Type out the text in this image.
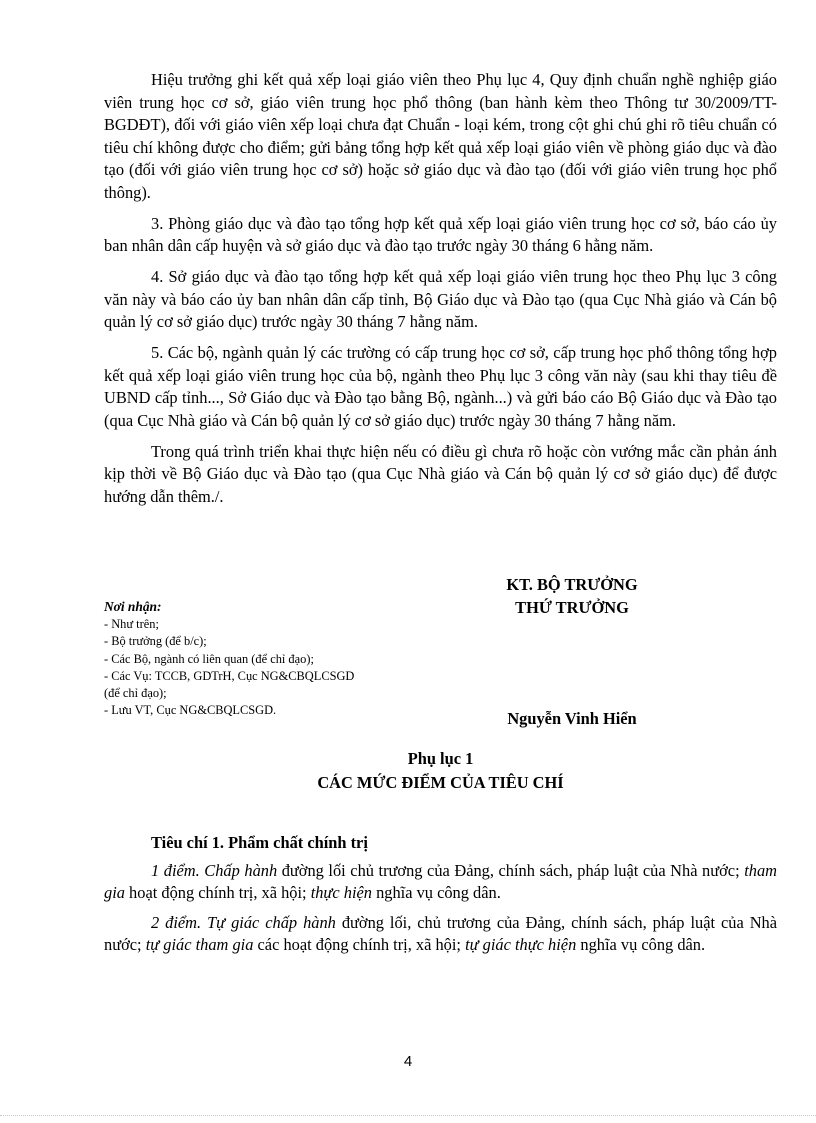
Hiệu trưởng ghi kết quả xếp loại giáo viên theo Phụ lục 4, Quy định chuẩn nghề nghiệp giáo viên trung học cơ sở, giáo viên trung học phổ thông (ban hành kèm theo Thông tư 30/2009/TT-BGDĐT), đối với giáo viên xếp loại chưa đạt Chuẩn - loại kém, trong cột ghi chú ghi rõ tiêu chuẩn có tiêu chí không được cho điểm; gửi bảng tổng hợp kết quả xếp loại giáo viên về phòng giáo dục và đào tạo (đối với giáo viên trung học cơ sở) hoặc sở giáo dục và đào tạo (đối với giáo viên trung học phổ thông).

3. Phòng giáo dục và đào tạo tổng hợp kết quả xếp loại giáo viên trung học cơ sở, báo cáo ủy ban nhân dân cấp huyện và sở giáo dục và đào tạo trước ngày 30 tháng 6 hằng năm.

4. Sở giáo dục và đào tạo tổng hợp kết quả xếp loại giáo viên trung học theo Phụ lục 3 công văn này và báo cáo ủy ban nhân dân cấp tỉnh, Bộ Giáo dục và Đào tạo (qua Cục Nhà giáo và Cán bộ quản lý cơ sở giáo dục) trước ngày 30 tháng 7 hằng năm.

5. Các bộ, ngành quản lý các trường có cấp trung học cơ sở, cấp trung học phổ thông tổng hợp kết quả xếp loại giáo viên trung học của bộ, ngành theo Phụ lục 3 công văn này (sau khi thay tiêu đề UBND cấp tỉnh..., Sở Giáo dục và Đào tạo bằng Bộ, ngành...) và gửi báo cáo Bộ Giáo dục và Đào tạo (qua Cục Nhà giáo và Cán bộ quản lý cơ sở giáo dục) trước ngày 30 tháng 7 hằng năm.

Trong quá trình triển khai thực hiện nếu có điều gì chưa rõ hoặc còn vướng mắc cần phản ánh kịp thời về Bộ Giáo dục và Đào tạo (qua Cục Nhà giáo và Cán bộ quản lý cơ sở giáo dục) để được hướng dẫn thêm./.

Nơi nhận:
- Như trên;
- Bộ trưởng (để b/c);
- Các Bộ, ngành có liên quan (để chỉ đạo);
- Các Vụ: TCCB, GDTrH, Cục NG&CBQLCSGD
(để chỉ đạo);
- Lưu VT, Cục NG&CBQLCSGD.
KT. BỘ TRƯỞNG
THỨ TRƯỞNG
Nguyễn Vinh Hiển
Phụ lục 1
CÁC MỨC ĐIỂM CỦA TIÊU CHÍ

Tiêu chí 1. Phẩm chất chính trị

1 điểm. Chấp hành đường lối chủ trương của Đảng, chính sách, pháp luật của Nhà nước; tham gia hoạt động chính trị, xã hội; thực hiện nghĩa vụ công dân.

2 điểm. Tự giác chấp hành đường lối, chủ trương của Đảng, chính sách, pháp luật của Nhà nước; tự giác tham gia các hoạt động chính trị, xã hội; tự giác thực hiện nghĩa vụ công dân.

4
